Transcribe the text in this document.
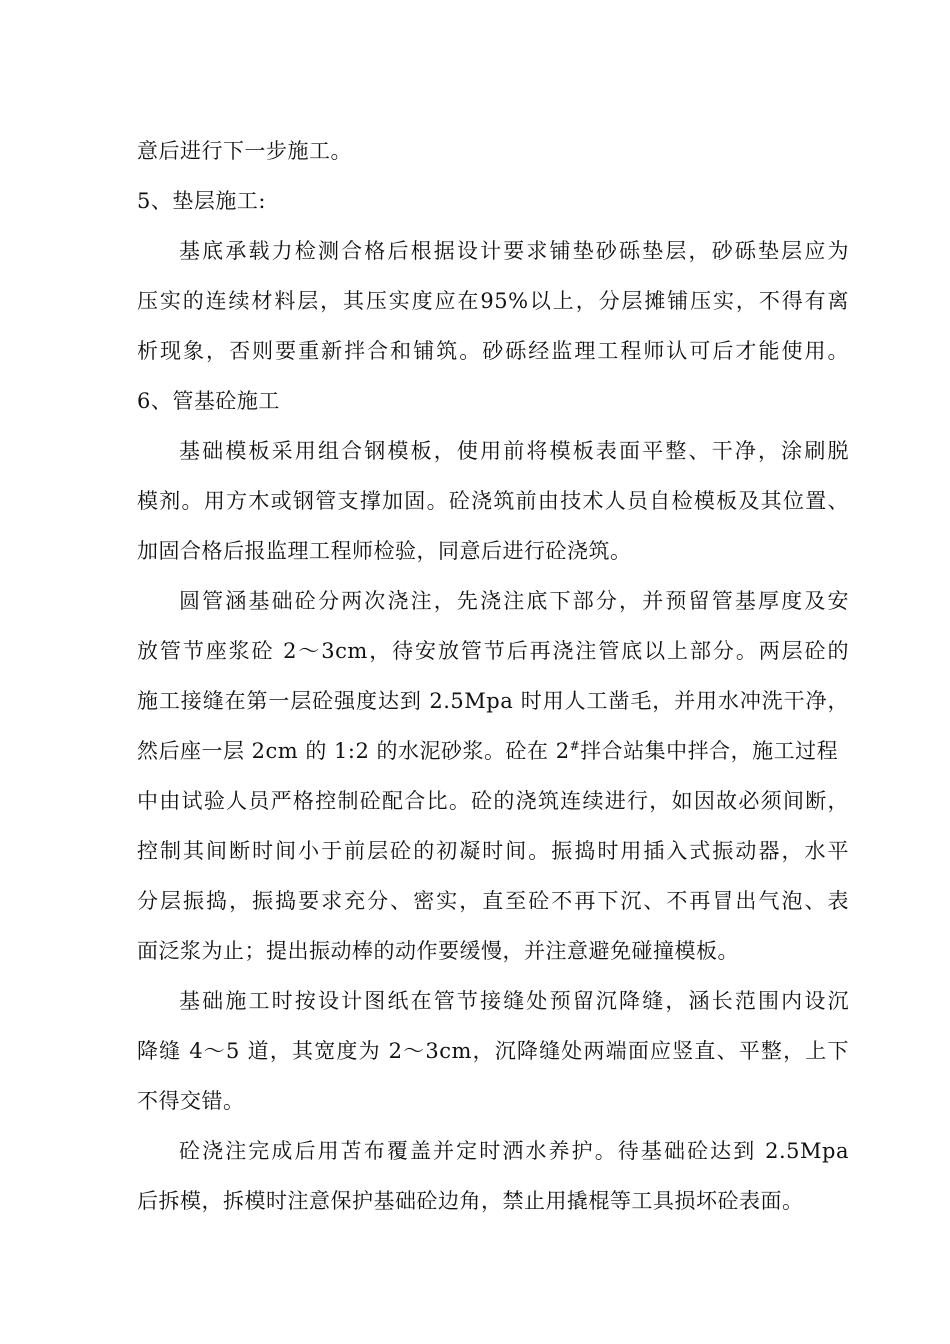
意后进行下一步施工。
5、垫层施工:
基底承载力检测合格后根据设计要求铺垫砂砾垫层，砂砾垫层应为
压实的连续材料层，其压实度应在95%以上，分层摊铺压实，不得有离
析现象，否则要重新拌合和铺筑。砂砾经监理工程师认可后才能使用。
6、管基砼施工
基础模板采用组合钢模板，使用前将模板表面平整、干净，涂刷脱
模剂。用方木或钢管支撑加固。砼浇筑前由技术人员自检模板及其位置、
加固合格后报监理工程师检验，同意后进行砼浇筑。
圆管涵基础砼分两次浇注，先浇注底下部分，并预留管基厚度及安
放管节座浆砼 2～3cm，待安放管节后再浇注管底以上部分。两层砼的
施工接缝在第一层砼强度达到 2.5Mpa 时用人工凿毛，并用水冲洗干净，
然后座一层 2cm 的 1:2 的水泥砂浆。砼在 2#拌合站集中拌合，施工过程
中由试验人员严格控制砼配合比。砼的浇筑连续进行，如因故必须间断，
控制其间断时间小于前层砼的初凝时间。振捣时用插入式振动器，水平
分层振捣，振捣要求充分、密实，直至砼不再下沉、不再冒出气泡、表
面泛浆为止；提出振动棒的动作要缓慢，并注意避免碰撞模板。
基础施工时按设计图纸在管节接缝处预留沉降缝，涵长范围内设沉
降缝 4～5 道，其宽度为 2～3cm，沉降缝处两端面应竖直、平整，上下
不得交错。
砼浇注完成后用苫布覆盖并定时洒水养护。待基础砼达到 2.5Mpa
后拆模，拆模时注意保护基础砼边角，禁止用撬棍等工具损坏砼表面。
